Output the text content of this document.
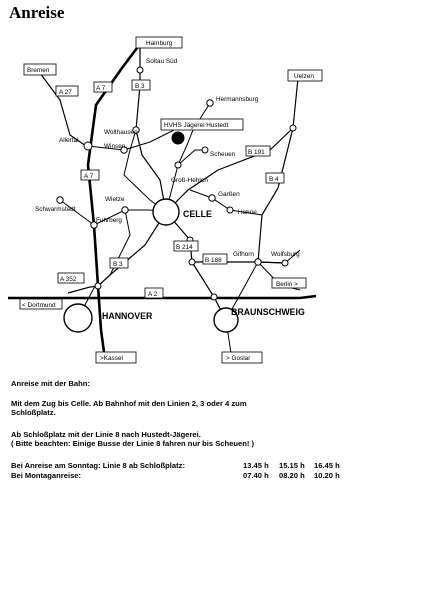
Anreise
Hamburg
Soltau Süd
Bremen
Uelzen
Hermannsburg
HVHS Jägerei Hustedt
Wolthausen
Winsen
Allertal
Scheuen
Groß-Hehlen
Garßen
Wietze
Schwarmstedt
Fuhrberg
CELLE	Hohne
Gifhorn	Wolfsburg
Berlin >
< Dortmund
HANNOVER	BRAUNSCHWEIG
>Kassel	> Goslar
A 27
A 7	B 3
B 191
B 4
A 7
B 214
B 188
B 3
A 352
A 2
Anreise mit der Bahn:
Mit dem Zug bis Celle. Ab Bahnhof mit den Linien 2, 3 oder 4 zum
Schloßplatz.
Ab Schloßplatz mit der Linie 8 nach Hustedt-Jägerei.
( Bitte beachten: Einige Busse der Linie 8 fahren nur bis Scheuen! )
Bei Anreise am Sonntag: Linie 8 ab Schloßplatz:	13.45 h 15.15 h 16.45 h
Bei Montaganreise:	07.40 h 08.20 h 10.20 h
